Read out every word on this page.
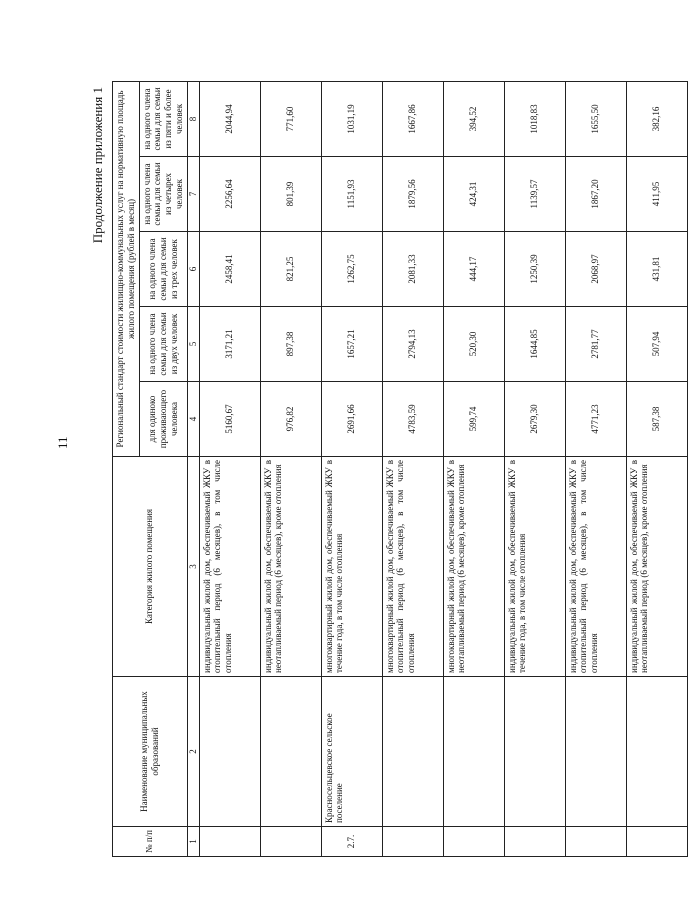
11
Продолжение приложения 1
№ п/п	Наименование муниципальных образований	Категория жилого помещения	Региональный стандарт стоимости жилищно-коммунальных услуг на нормативную площадь жилого помещения (рублей в месяц)				
			для одиноко проживающего человека	на одного члена семьи для семьи из двух человек	на одного члена семьи для семьи из трех человек	на одного члена семьи для семьи из четырех человек	на одного члена семьи для семьи из пяти и более человек
1	2	3	4	5	6	7	8
		индивидуальный жилой дом, обеспечиваемый ЖКУ в отопительный период (6 месяцев), в том числе отопления	5160,67	3171,21	2458,41	2256,64	2044,94
		индивидуальный жилой дом, обеспечиваемый ЖКУ в неотапливаемый период (6 месяцев), кроме отопления	976,82	897,38	821,25	801,39	771,60
2.7.	Красносельцевское сельское поселение	многоквартирный жилой дом, обеспечиваемый ЖКУ в течение года, в том числе отопления	2691,66	1657,21	1262,75	1151,93	1031,19
		многоквартирный жилой дом, обеспечиваемый ЖКУ в отопительный период (6 месяцев), в том числе отопления	4783,59	2794,13	2081,33	1879,56	1667,86
		многоквартирный жилой дом, обеспечиваемый ЖКУ в неотапливаемый период (6 месяцев), кроме отопления	599,74	520,30	444,17	424,31	394,52
		индивидуальный жилой дом, обеспечиваемый ЖКУ в течение года, в том числе отопления	2679,30	1644,85	1250,39	1139,57	1018,83
		индивидуальный жилой дом, обеспечиваемый ЖКУ в отопительный период (6 месяцев), в том числе отопления	4771,23	2781,77	2068,97	1867,20	1655,50
		индивидуальный жилой дом, обеспечиваемый ЖКУ в неотапливаемый период (6 месяцев), кроме отопления	587,38	507,94	431,81	411,95	382,16
